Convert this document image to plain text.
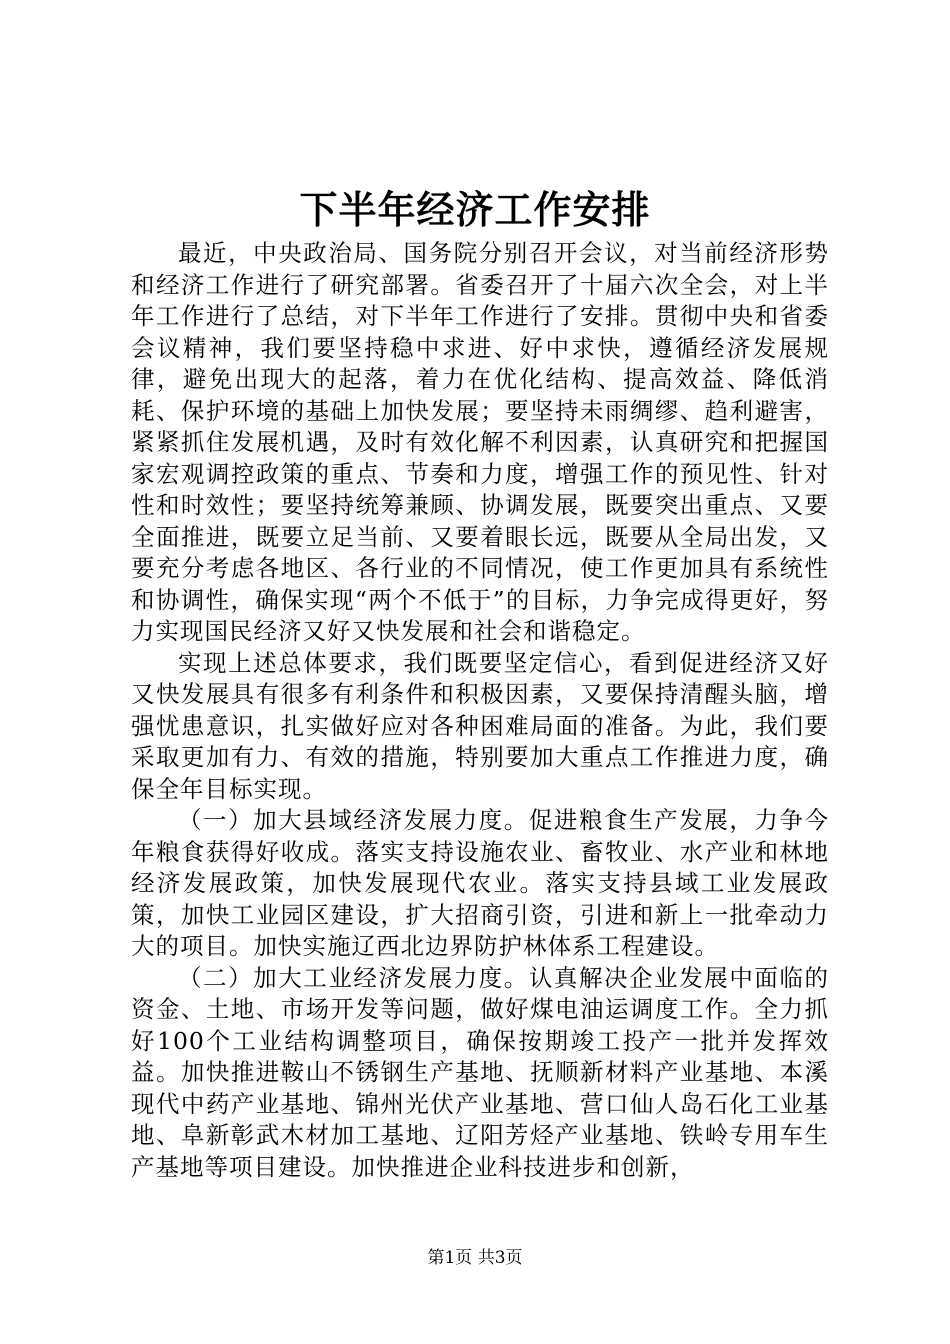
下半年经济工作安排

最近，中央政治局、国务院分别召开会议，对当前经济形势和经济工作进行了研究部署。省委召开了十届六次全会，对上半年工作进行了总结，对下半年工作进行了安排。贯彻中央和省委会议精神，我们要坚持稳中求进、好中求快，遵循经济发展规律，避免出现大的起落，着力在优化结构、提高效益、降低消耗、保护环境的基础上加快发展；要坚持未雨绸缪、趋利避害，紧紧抓住发展机遇，及时有效化解不利因素，认真研究和把握国家宏观调控政策的重点、节奏和力度，增强工作的预见性、针对性和时效性；要坚持统筹兼顾、协调发展，既要突出重点、又要全面推进，既要立足当前、又要着眼长远，既要从全局出发，又要充分考虑各地区、各行业的不同情况，使工作更加具有系统性和协调性，确保实现“两个不低于”的目标，力争完成得更好，努力实现国民经济又好又快发展和社会和谐稳定。

实现上述总体要求，我们既要坚定信心，看到促进经济又好又快发展具有很多有利条件和积极因素，又要保持清醒头脑，增强忧患意识，扎实做好应对各种困难局面的准备。为此，我们要采取更加有力、有效的措施，特别要加大重点工作推进力度，确保全年目标实现。

（一）加大县域经济发展力度。促进粮食生产发展，力争今年粮食获得好收成。落实支持设施农业、畜牧业、水产业和林地经济发展政策，加快发展现代农业。落实支持县域工业发展政策，加快工业园区建设，扩大招商引资，引进和新上一批牵动力大的项目。加快实施辽西北边界防护林体系工程建设。

（二）加大工业经济发展力度。认真解决企业发展中面临的资金、土地、市场开发等问题，做好煤电油运调度工作。全力抓好100个工业结构调整项目，确保按期竣工投产一批并发挥效益。加快推进鞍山不锈钢生产基地、抚顺新材料产业基地、本溪现代中药产业基地、锦州光伏产业基地、营口仙人岛石化工业基地、阜新彰武木材加工基地、辽阳芳烃产业基地、铁岭专用车生产基地等项目建设。加快推进企业科技进步和创新，

第1页 共3页
